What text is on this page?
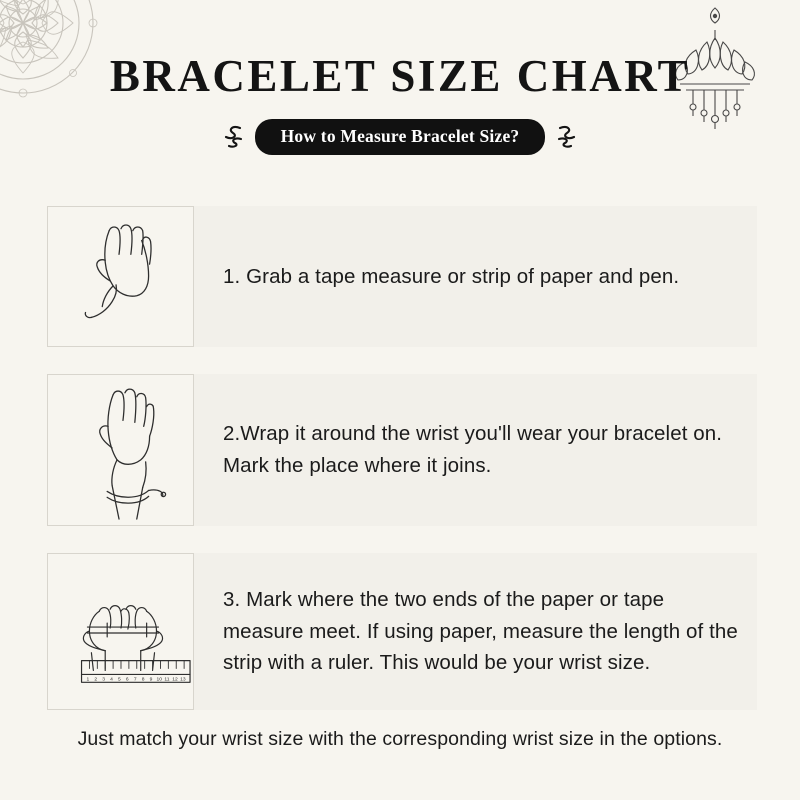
BRACELET SIZE CHART
How to Measure Bracelet Size?
1. Grab a tape measure or strip of paper and pen.
2.Wrap it around the wrist you'll wear your bracelet on. Mark the place where it joins.
1 2 3 4 5 6 7 8 9 10 11 12 13
3. Mark where the two ends of the paper or tape measure meet. If using paper, measure the length of the strip with a ruler. This would be your wrist size.
Just match your wrist size with the corresponding wrist size in the options.
